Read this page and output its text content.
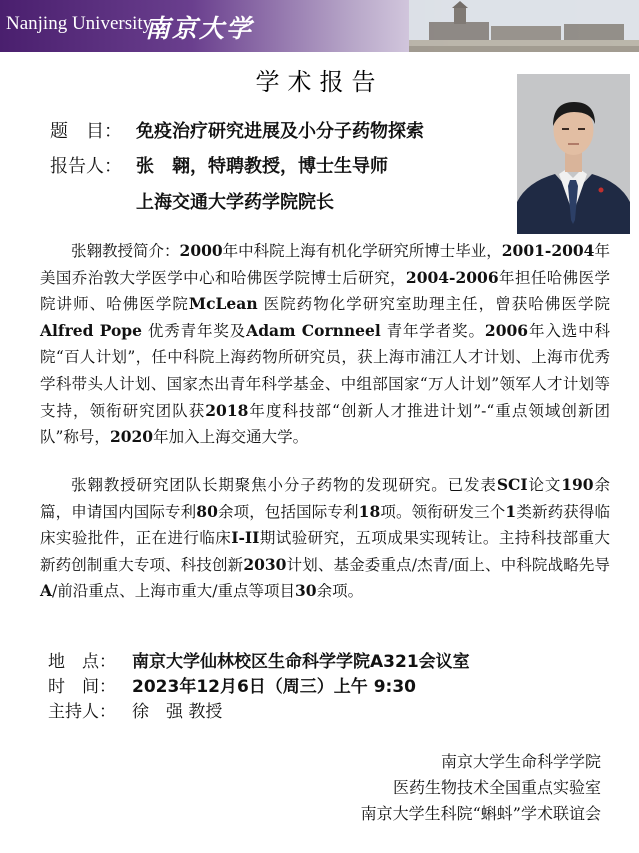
Nanjing University
南京大学
学术报告
题　目： 免疫治疗研究进展及小分子药物探索
报告人： 张　翱，特聘教授，博士生导师
上海交通大学药学院院长

张翱教授简介：2000年中科院上海有机化学研究所博士毕业，2001-2004年美国乔治敦大学医学中心和哈佛医学院博士后研究，2004-2006年担任哈佛医学院讲师、哈佛医学院McLean 医院药物化学研究室助理主任，曾获哈佛医学院Alfred Pope 优秀青年奖及Adam Cornneel 青年学者奖。2006年入选中科院“百人计划”，任中科院上海药物所研究员，获上海市浦江人才计划、上海市优秀学科带头人计划、国家杰出青年科学基金、中组部国家“万人计划”领军人才计划等支持，领衔研究团队获2018年度科技部“创新人才推进计划”-“重点领域创新团队”称号，2020年加入上海交通大学。

张翱教授研究团队长期聚焦小分子药物的发现研究。已发表SCI论文190余篇，申请国内国际专利80余项，包括国际专利18项。领衔研发三个1类新药获得临床实验批件，正在进行临床I-II期试验研究，五项成果实现转让。主持科技部重大新药创制重大专项、科技创新2030计划、基金委重点/杰青/面上、中科院战略先导A/前沿重点、上海市重大/重点等项目30余项。

地　点： 南京大学仙林校区生命科学学院A321会议室
时　间： 2023年12月6日（周三）上午 9:30
主持人： 徐　强 教授
南京大学生命科学学院
医药生物技术全国重点实验室
南京大学生科院“蝌蚪”学术联谊会
